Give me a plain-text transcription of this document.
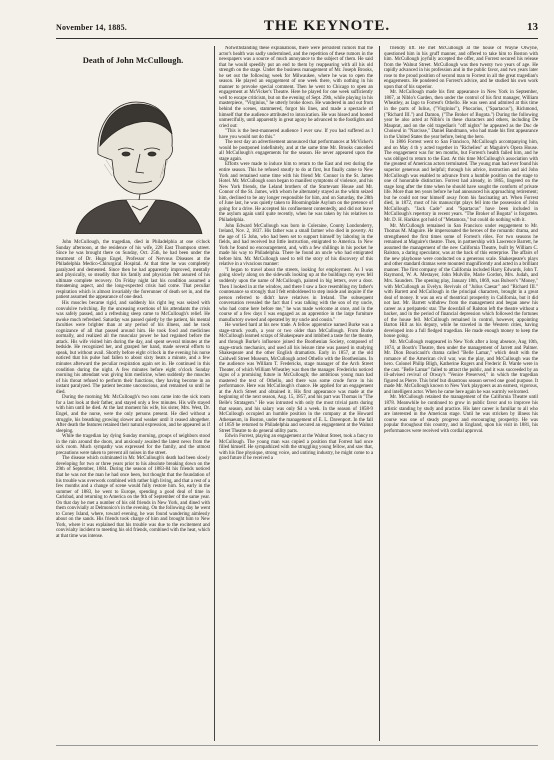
November 14, 1885.	THE KEYNOTE.	13
Death of John McCullough.

John McCullough, the tragedian, died in Philadelphia at one o'clock Sunday afternoon, at the residence of his wife, 228 East Thompson street. Since he was brought there on Sunday, Oct. 25th, he had been under the treatment of Dr. Hugo Engel, Professor of Nervous Diseases at the Philadelphia Medico-Chirurgical Hospital. At that time he was completely paralyzed and demented. Since then he had apparently improved, mentally and physically, so steadily that his family and physician felt assured of his ultimate complete recovery. On Friday night last his condition assumed a threatening aspect, and the long-expected crisis had come. That peculiar respiration which is almost invariably the forerunner of death set in, and the patient assumed the appearance of one dead.

His muscles became rigid, and suddenly his right leg was seized with convulsive twitching. By the unceasing exertions of his attendants the crisis was safely passed, and a refreshing sleep came to McCullough's relief. He awoke much refreshed. Saturday was passed quietly by the patient, his mental faculties were brighter than at any period of his illness, and he took cognizance of all that passed around him. He took food and medicines normally, and realized all the muscular power he had regained before the attack. His wife visited him during the day, and spent several minutes at the bedside. He recognized her, and grasped her hand, made several efforts to speak, but without avail. Shortly before eight o'clock in the evening his nurse noticed that his pulse had fallen to about sixty beats a minute, and a few minutes afterward the peculiar respiration again set in. He continued in this condition during the night. A few minutes before eight o'clock Sunday morning his attendant was giving him medicine, when suddenly the muscles of his throat refused to perform their functions, they having become in an instant paralyzed. The patient became unconscious, and remained so until he died.

During the morning Mr. McCullough's two sons came into the sick room for a last look at their father, and stayed only a few minutes. His wife stayed with him until he died. At the last moment his wife, his sister, Mrs. West, Dr. Engel, and the nurse, were the only persons present. He died without a struggle, his breathing growing slower and weaker until it ceased altogether. After death the features retained their natural expression, and he appeared as if sleeping.

While the tragedian lay dying Sunday morning, groups of neighbors stood in the rain around the doors, and anxiously awaited the latest news from the sick room. Much sympathy was expressed for the family, and the utmost precautions were taken to prevent all noises in the street.

The disease which culminated in Mr. McCullough's death had been slowly developing for two or three years prior to his absolute breaking down on the 29th of September, 1884. During the season of 1883-84 his friends noticed that he was not the man he had once been, but thought that the foundation of his trouble was overwork combined with rather high living, and that a rest of a few months and a change of scene would fully restore him. So, early in the summer of 1883, he went to Europe, spending a good deal of time in Carlsbad, and returning to America on the 9th of September of the same year. On that day he met a number of his old friends in New York, and dined with them convivially at Delmonico's in the evening. On the following day he went to Coney Island, where, toward evening, he was found wandering aimlessly about on the sands. His friends took charge of him and brought him to New York, where it was explained that his trouble was due to the excitement and convivialty incident to meeting his old friends, combined with the heat, which at that time was intense.

Notwithstanding these explanations, there were persistent rumors that the actor's health was sadly undermined, and the repetition of these rumors in the newspapers was a source of much annoyance to the subject of them. He said that he would speedily put an end to them by reappearing with all his old strength on the stage. Under the business management of Mr. Joseph Brooks, he set out the following week for Milwaukee, where he was to open the season. He played an engagement of one week there, with nothing in his manner to provoke special comment. Then he went to Chicago to open an engagement at McVicker's Theatre. Here he played for one week sufficiently well to escape criticism, but on the evening of Sept. 29th, while playing in his masterpiece, "Virginius," he utterly broke down. He wandered in and out from behind the scenes, stammered, forgot his lines, and made a spectacle of himself that the audience attributed to intoxication. He was hissed and hooted unmercifully, until apparently in great agony he advanced to the footlights and cried out:

"This is the best-mannered audience I ever saw. If you had suffered as I have you would not do this."

The next day an advertisement announced that performances at McVicker's would be postponed indefinitely, and at the same time Mr. Brooks cancelled all McCullough's engagements for the season. He never appeared upon the stage again.

Efforts were made to induce him to return to the East and rest during the entire season. This he refused stoutly to do at first, but finally came to New York and remained some time with his friend Mr. Connor in the St. James Hotel. Mr. McCullough soon began to manifest symptoms of violence, and his New York friends, the Leland brothers of the Sturtevant House and Mr. Connor of the St. James, with whom he alternately stayed as the whim seized him, declined to be any longer responsible for him, and on Saturday, the 28th of June last, he was quietly taken to Bloomingdale Asylum on the pretence of going for a drive. He accepted his confinement contentedly, and did not leave the asylum again until quite recently, when he was taken by his relatives to Philadelphia.

John Edward McCullough was born in Coleraine, County Londonderry, Ireland, Nov. 2, 1837. His father was a small farmer who died in poverty. At the age of 15 John, who had been set to support himself by laboring in the fields, and had received but little instruction, emigrated to America. In New York he found no encouragement, and, with a few shillings in his pocket he made his way to Philadelphia. There he found an uncle who had emigrated before him. Mr. McCullough used to tell the story of his discovery of this relative in a vivacious manner:

"I began to travel about the streets, looking for employment. As I was going slowly along on the sidewalk looking up at the buildings my eyes fell suddenly upon the name of McCullough, painted in big letters, over a door. Then I looked in at the window, and there I saw a face resembling my father's countenance so strongly that I felt emboldened to step inside and inquire if the person referred to didn't have relatives in Ireland. The subsequent conversation revealed the fact that I was talking with the son of my uncle, who had come here before me," he was made welcome at once, and in the course of a few days I was engaged as an apprentice in the large furniture manufactory owned and operated by my uncle and cousin."

He worked hard at his new trade. A fellow apprentice named Burke was a stage-struck youth, a year or two older than McCullough. From Burke McCullough learned scraps of Shakespeare and imbibed a taste for the theatre, and through Burke's influence joined the Boothenian Society, composed of stage-struck mechanics, and used all his leisure time was passed in studying Shakespeare and the other English dramatists. Early in 1857, at the old Caldwell Street Museum, McCullough acted Othello with the Boothenians. In the audience was William T. Fredericks, stage manager of the Arch Street Theater, of which William Wheatley was then the manager. Fredericks noticed signs of a promising future in McCullough; the ambitious young man had mastered the text of Othello, and there was some crude force in his performance. Here was McCullough's chance. He applied for an engagement at the Arch Street and obtained it. His first appearance was made at the beginning of the next season, Aug. 15, 1857, and his part was Thomas in "The Belle's Stratagem." He was intrusted with only the most trivial parts during that season, and his salary was only $4 a week. In the season of 1858-9 McCullough occupied an humble position in the company at the Howard Athenaeum, in Boston, under the management of E. L. Davenport. In the fall of 1859 he returned to Philadelphia and secured an engagement at the Walnut Street Theatre to do general utility parts.

Edwin Forrest, playing an engagement at the Walnut Street, took a fancy to McCullough. The young man was copied a position that Forrest had once filled himself. He sympathized with the struggling young fellow, and saw that, with his fine physique, strong voice, and untiring industry, he might come to a good future if he received a

friendly lift. He met McCullough at the house of Wayne Olwyne, questioned him in his gruff manner, and offered to take him to Boston with him. McCullough joyfully accepted the offer, and Forrest secured his release from the Walnut Street. McCullough was then twenty two years of age. He rapidly advanced in his profession and in the public favor, and two years later rose to the proud position of second man to Forrest in all the great tragedian's engagements. He pondered on Forrest's advice, and he studied his own work upon that of his superior.

Mr. McCullough made his first appearance in New York in September, 1867, at Niblo's Garden, then under the control of his first manager, William Wheatley, as Iago to Forrest's Othello. He was seen and admired at this time in the parts of Iulius, ("Virginius"), Phocarius, ("Spartacus"), Richmond, ("Richard III.") and Damon, ("The Broker of Bogota.") During the following year he also acted at Niblo's in these characters and others, including De Mauprat, and on the old tragedian's "off nights" he appeared as the Duc de Choiseul in "Narcisse," Daniel Bandmann, who had made his first appearance in the United States the year before, being the hero.

In 1866 Forrest went to San Francisco, McCullough accompanying him, and on May 4 th y acted together in "Richelieu" at Maguire's Opera House. The engagement was for ten months, but Forrest's health failed him, and he was obliged to return to the East. At this time McCullough's association with the greatest of American actors terminated. The young man had ever found his superior generous and helpful; through his advice, instruction and aid John McCullough was enabled to advance from a humble position on the stage to one of honorable distinction. Forrest had already, in 1865, lingered on the stage long after the time when he should have sought the comforts of private life. More than ten years before he had announced his approaching retirement; but he could not tear himself away from his fascinating art. When Forrest died, in 1872, most of his manuscript plays fell into the possession of John McCullough. "Jack Cade" and "Spartacus" have been included in McCullough's repertory in recent years. "The Broker of Bogota" is forgotten. Mr. D. H. Harkins got hold of "Metamora," but could do nothing with it.

Mr. McCullough remained in San Francisco under engagement to Mr. Thomas M. Maguire. He impersonated the heroes of the romantic drama, and strengthened the first times some of Forrest's rôles. For two seasons he remained at Maguire's theatre. Then, in partnership with Lawrence Barrett, he assumed the management of the new California Theatre, built by William C. Ralston, a daring speculator, was at the back of this enterprise. The affairs of the new playhouse were conducted on a generous scale. Shakespeare's plays and other standard dramas were mounted magnificently and acted in a brilliant manner. The first company of the California included Harry Edwards, John T. Raymond, W. A. Mestayer, John Mulville, Marie Gordon, Mrs. Judah, and Mrs. Saunders. The opening play, January 18th, 1869, was Bulwer's "Money," with McCullough as Evelyn. Revivals of "Julius Caesar" and "Richard III." with Barrett and McCullough in the principal characters, brought in a great deal of money. It was an era of theatrical prosperity in California, but it did not last. Mr. Barrett withdrew from the management and began anew his career as a peripatetic star. The downfall of Ralston left the theatre without a backer, and in the period of financial depression which followed the fortunes of the house fell. McCullough remained in control, however, appointing Barton Hill as his deputy, while he traveled in the Western cities, having developed into a full fledged tragedian. He made enough money to keep the house going.

Mr. McCullough reappeared in New York after a long absence, Aug 10th, 1874, at Booth's Theatre, then under the management of Jarrett and Palmer. Mr. Dion Boucicault's drama called "Belle Lamar," which dealt with the romance of the American civil war, was the play, and McCullough was the hero. Colonel Philip Bligh, Katherine Rogers and Frederic B. Warde were in the cast. "Belle Lamar" failed to attract the public, and it was succeeded by an ill-advised revival of Otway's "Venice Preserved," in which the tragedian figured as Pierre. This brief but disastrous season served one good purpose. It made Mr. McCullough known to New York playgoers as an earnest, vigorous, and intelligent actor. When he came here again he was warmly welcomed.

Mr. McCullough retained the management of the California Theatre until 1878. Meanwhile he continued to grow in public favor and to improve his artistic standing by study and practice. His later career is familiar to all who are interested in the American stage. Until he was stricken by illness his course was one of steady progress and encouraging prosperity. He was popular throughout this country, and in England, upon his visit in 1881, his performances were received with cordial approval.
